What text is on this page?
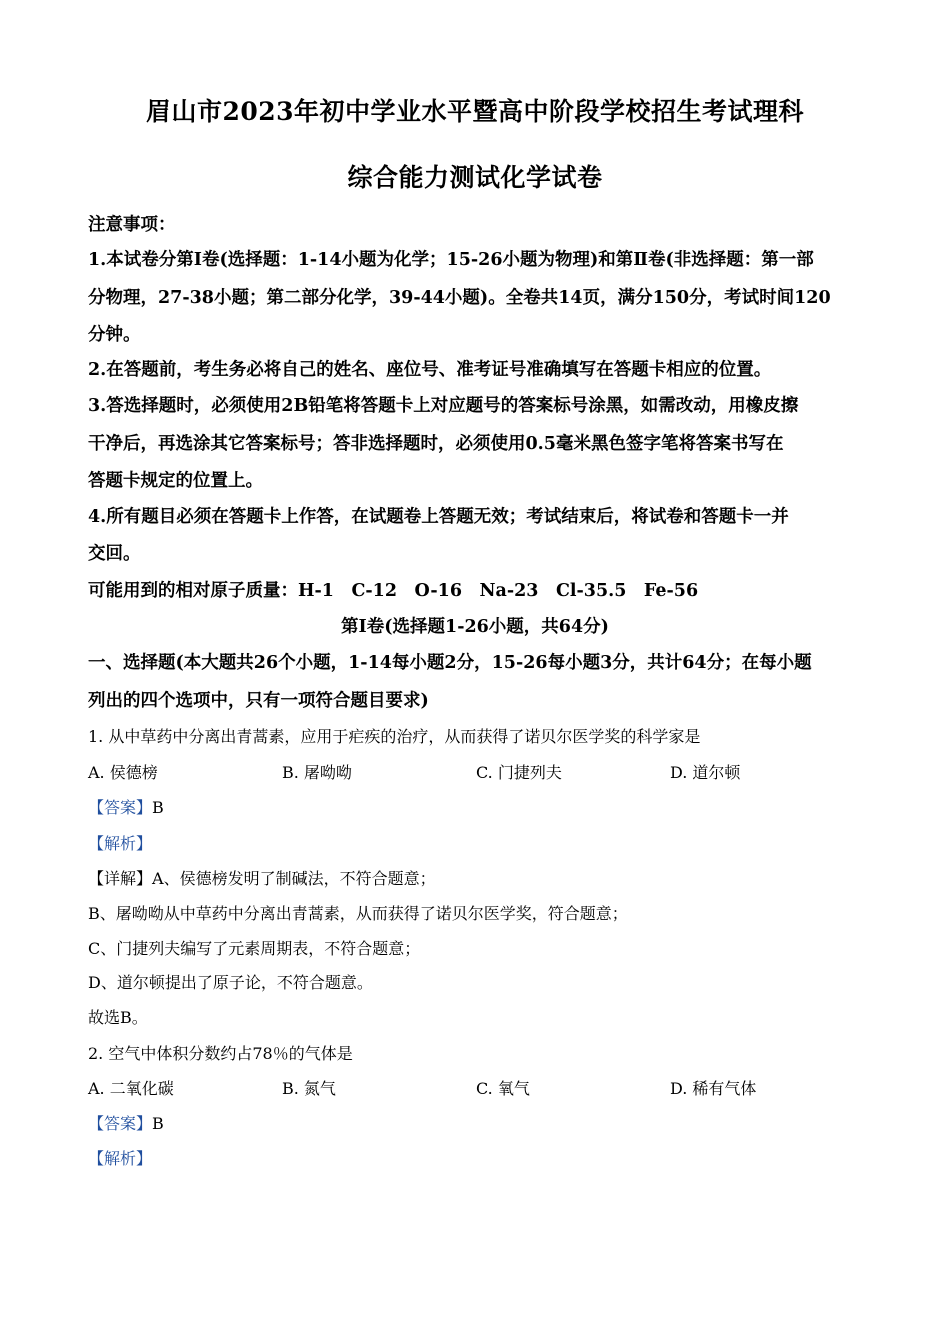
眉山市2023年初中学业水平暨高中阶段学校招生考试理科
综合能力测试化学试卷
注意事项：
1.本试卷分第Ⅰ卷(选择题：1-14小题为化学；15-26小题为物理)和第Ⅱ卷(非选择题：第一部
分物理，27-38小题；第二部分化学，39-44小题)。全卷共14页，满分150分，考试时间120
分钟。
2.在答题前，考生务必将自己的姓名、座位号、准考证号准确填写在答题卡相应的位置。
3.答选择题时，必须使用2B铅笔将答题卡上对应题号的答案标号涂黑，如需改动，用橡皮擦
干净后，再选涂其它答案标号；答非选择题时，必须使用0.5毫米黑色签字笔将答案书写在
答题卡规定的位置上。
4.所有题目必须在答题卡上作答，在试题卷上答题无效；考试结束后，将试卷和答题卡一并
交回。
可能用到的相对原子质量：H-1　C-12　O-16　Na-23　Cl-35.5　Fe-56
第Ⅰ卷(选择题1-26小题，共64分)
一、选择题(本大题共26个小题，1-14每小题2分，15-26每小题3分，共计64分；在每小题
列出的四个选项中，只有一项符合题目要求)
1. 从中草药中分离出青蒿素，应用于疟疾的治疗，从而获得了诺贝尔医学奖的科学家是
A. 侯德榜	B. 屠呦呦	C. 门捷列夫	D. 道尔顿
【答案】B
【解析】
【详解】A、侯德榜发明了制碱法，不符合题意；
B、屠呦呦从中草药中分离出青蒿素，从而获得了诺贝尔医学奖，符合题意；
C、门捷列夫编写了元素周期表，不符合题意；
D、道尔顿提出了原子论，不符合题意。
故选B。
2. 空气中体积分数约占78％的气体是
A. 二氧化碳	B. 氮气	C. 氧气	D. 稀有气体
【答案】B
【解析】
